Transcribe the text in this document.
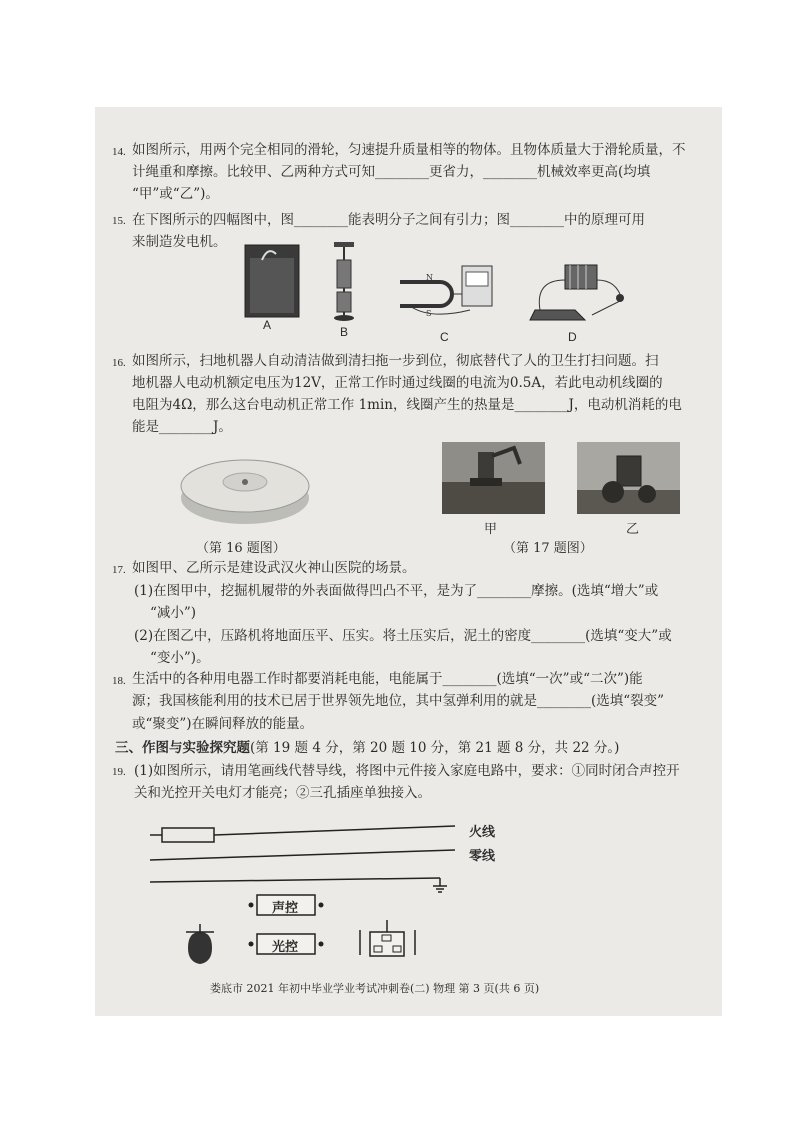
14. 如图所示，用两个完全相同的滑轮，匀速提升质量相等的物体。且物体质量大于滑轮质量，不
计绳重和摩擦。比较甲、乙两种方式可知________更省力，________机械效率更高(均填
“甲”或“乙”)。
15. 在下图所示的四幅图中，图________能表明分子之间有引力；图________中的原理可用
来制造发电机。
N
S
A	B	C	D
16. 如图所示，扫地机器人自动清洁做到清扫拖一步到位，彻底替代了人的卫生打扫问题。扫
地机器人电动机额定电压为12V，正常工作时通过线圈的电流为0.5A，若此电动机线圈的
电阻为4Ω，那么这台电动机正常工作 1min，线圈产生的热量是________J，电动机消耗的电
能是________J。
（第 16 题图）
甲	乙
（第 17 题图）
17. 如图甲、乙所示是建设武汉火神山医院的场景。
(1)在图甲中，挖掘机履带的外表面做得凹凸不平，是为了________摩擦。(选填“增大”或
“减小”)
(2)在图乙中，压路机将地面压平、压实。将土压实后，泥土的密度________(选填“变大”或
“变小”)。
18. 生活中的各种用电器工作时都要消耗电能，电能属于________(选填“一次”或“二次”)能
源；我国核能利用的技术已居于世界领先地位，其中氢弹利用的就是________(选填“裂变”
或“聚变”)在瞬间释放的能量。
三、作图与实验探究题(第 19 题 4 分，第 20 题 10 分，第 21 题 8 分，共 22 分。)
19. (1)如图所示，请用笔画线代替导线，将图中元件接入家庭电路中，要求：①同时闭合声控开
关和光控开关电灯才能亮；②三孔插座单独接入。
火线
零线
声控
光控
娄底市 2021 年初中毕业学业考试冲刺卷(二) 物理 第 3 页(共 6 页)
